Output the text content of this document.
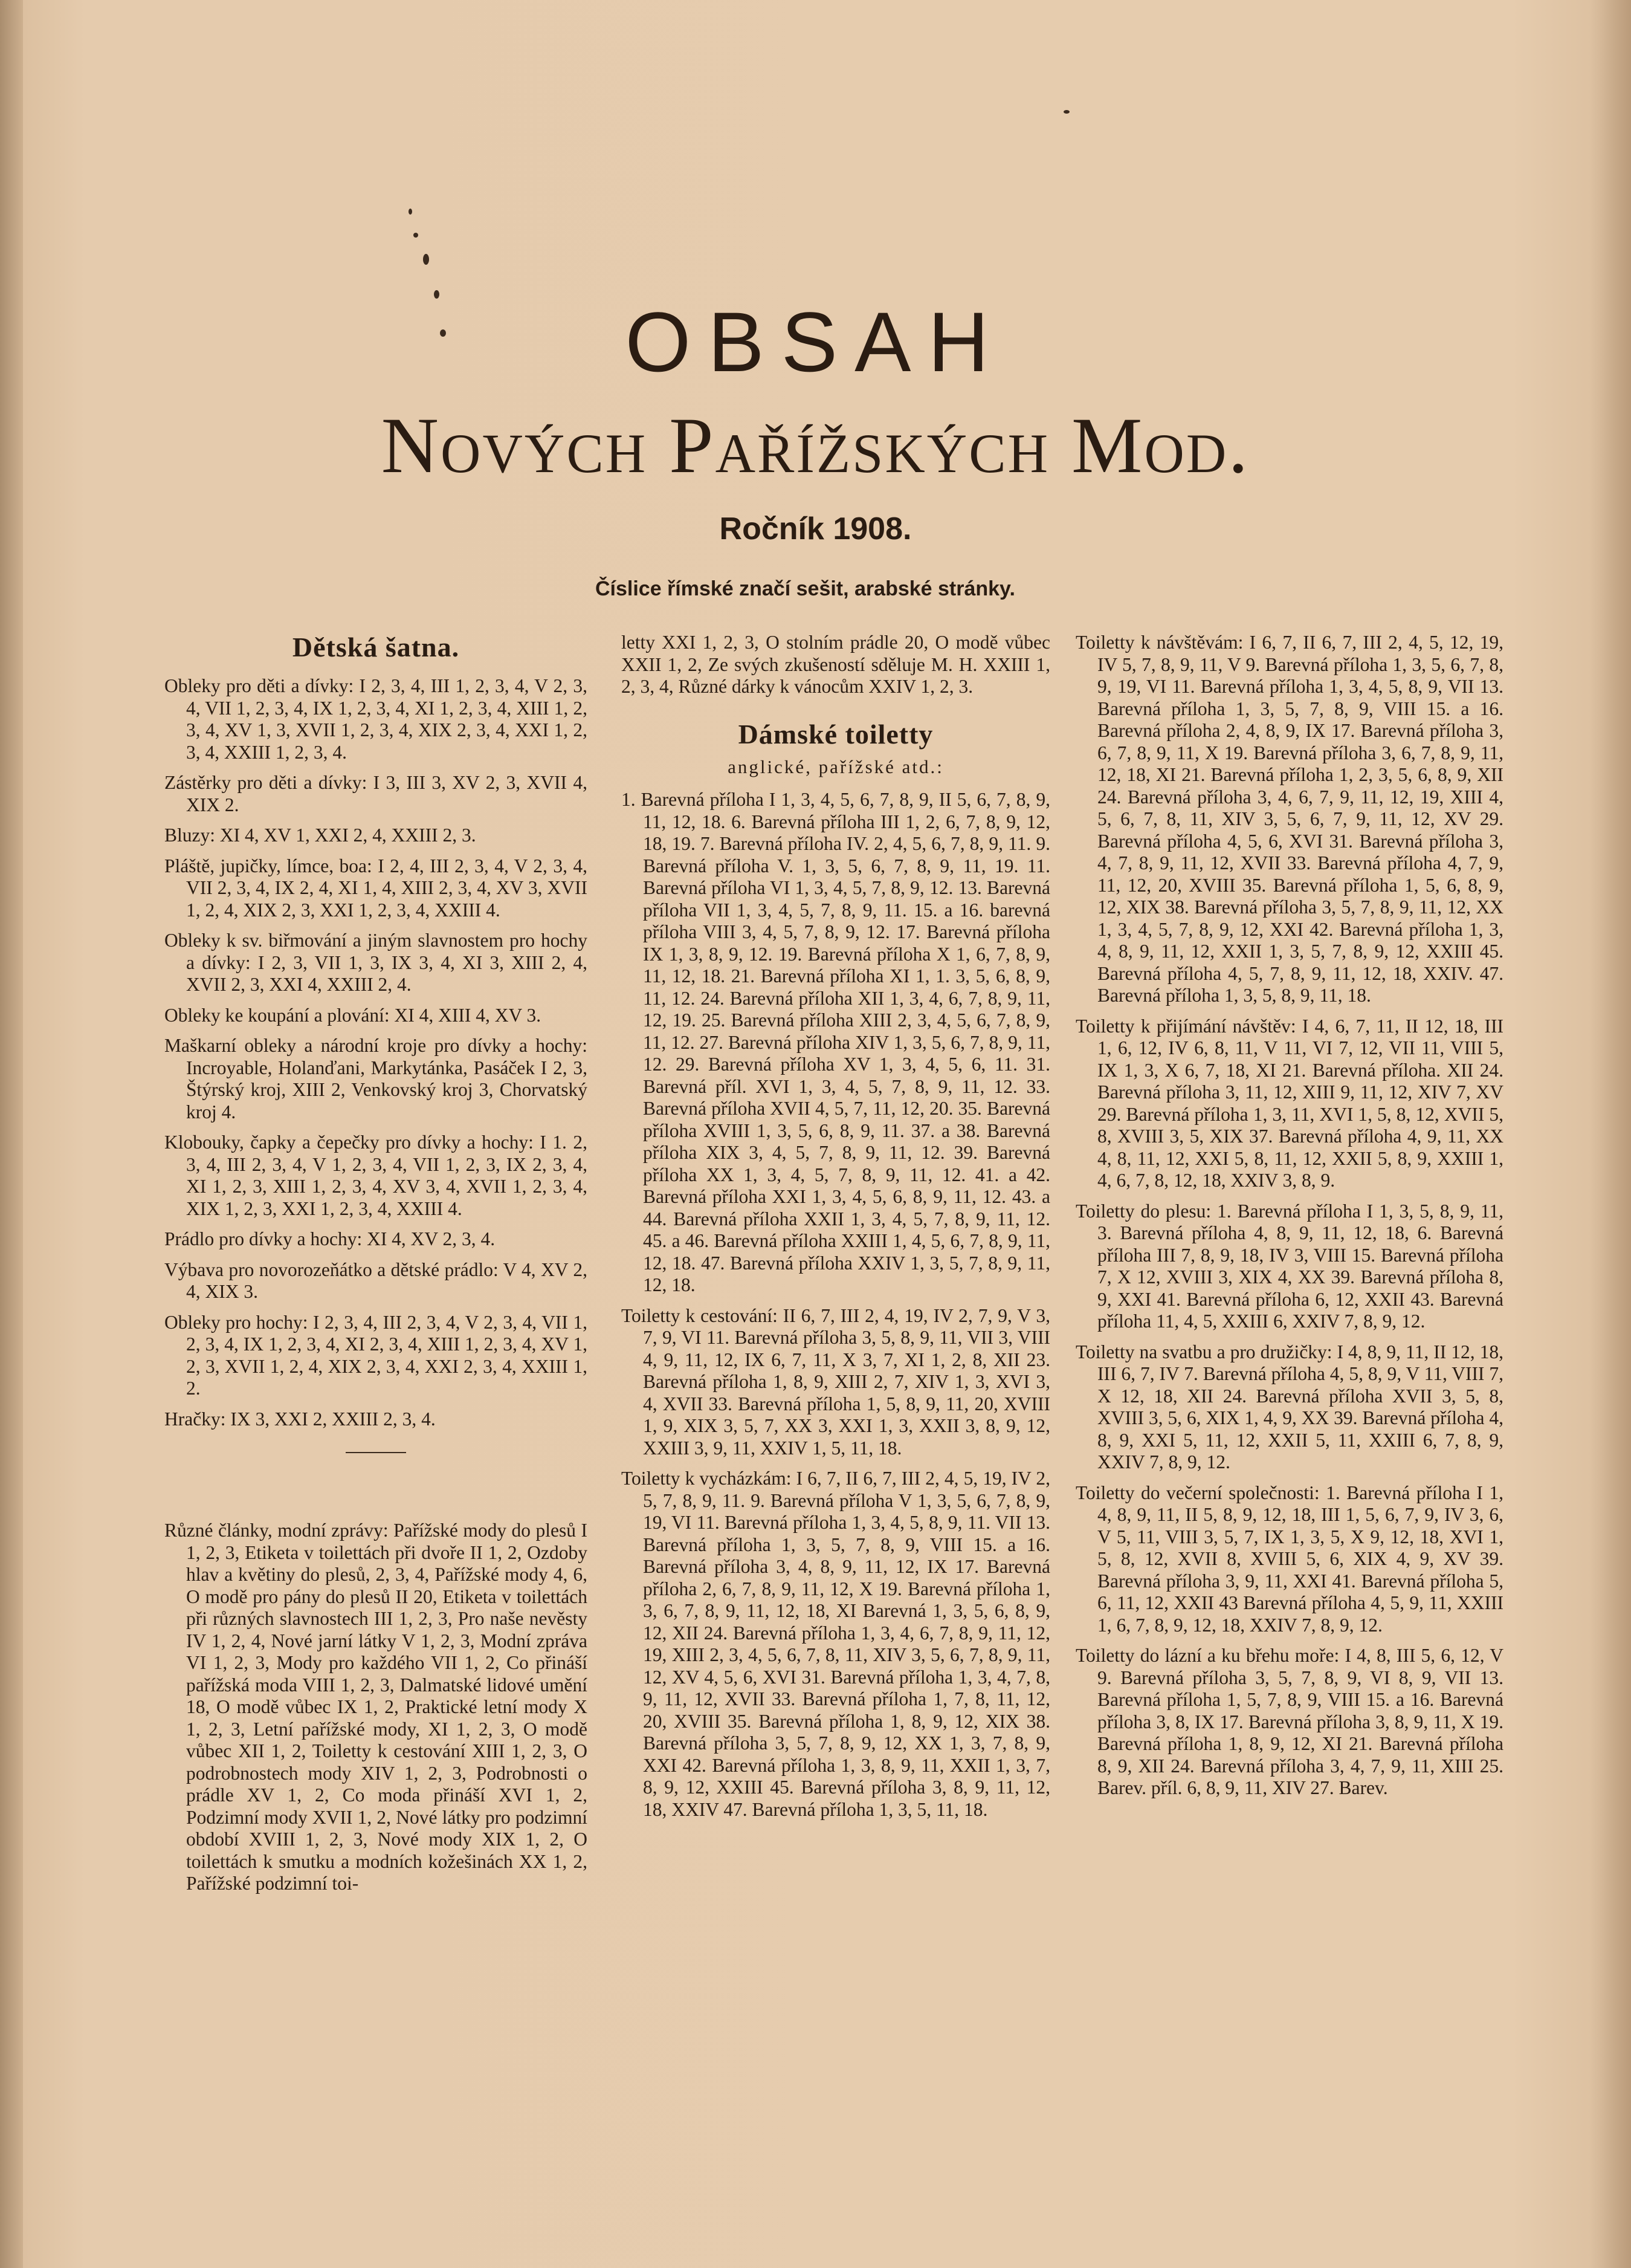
OBSAH
Nových Pařížských Mod.
Ročník 1908.
Číslice římské značí sešit, arabské stránky.
Dětská šatna.
Obleky pro děti a dívky: I 2, 3, 4, III 1, 2, 3, 4, V 2, 3, 4, VII 1, 2, 3, 4, IX 1, 2, 3, 4, XI 1, 2, 3, 4, XIII 1, 2, 3, 4, XV 1, 3, XVII 1, 2, 3, 4, XIX 2, 3, 4, XXI 1, 2, 3, 4, XXIII 1, 2, 3, 4.
Zástěrky pro děti a dívky: I 3, III 3, XV 2, 3, XVII 4, XIX 2.
Bluzy: XI 4, XV 1, XXI 2, 4, XXIII 2, 3.
Pláště, jupičky, límce, boa: I 2, 4, III 2, 3, 4, V 2, 3, 4, VII 2, 3, 4, IX 2, 4, XI 1, 4, XIII 2, 3, 4, XV 3, XVII 1, 2, 4, XIX 2, 3, XXI 1, 2, 3, 4, XXIII 4.
Obleky k sv. biřmování a jiným slavnostem pro hochy a dívky: I 2, 3, VII 1, 3, IX 3, 4, XI 3, XIII 2, 4, XVII 2, 3, XXI 4, XXIII 2, 4.
Obleky ke koupání a plování: XI 4, XIII 4, XV 3.
Maškarní obleky a národní kroje pro dívky a hochy: Incroyable, Holanďani, Markytánka, Pasáček I 2, 3, Štýrský kroj, XIII 2, Venkovský kroj 3, Chorvatský kroj 4.
Klobouky, čapky a čepečky pro dívky a hochy: I 1. 2, 3, 4, III 2, 3, 4, V 1, 2, 3, 4, VII 1, 2, 3, IX 2, 3, 4, XI 1, 2, 3, XIII 1, 2, 3, 4, XV 3, 4, XVII 1, 2, 3, 4, XIX 1, 2, 3, XXI 1, 2, 3, 4, XXIII 4.
Prádlo pro dívky a hochy: XI 4, XV 2, 3, 4.
Výbava pro novorozeňátko a dětské prádlo: V 4, XV 2, 4, XIX 3.
Obleky pro hochy: I 2, 3, 4, III 2, 3, 4, V 2, 3, 4, VII 1, 2, 3, 4, IX 1, 2, 3, 4, XI 2, 3, 4, XIII 1, 2, 3, 4, XV 1, 2, 3, XVII 1, 2, 4, XIX 2, 3, 4, XXI 2, 3, 4, XXIII 1, 2.
Hračky: IX 3, XXI 2, XXIII 2, 3, 4.
Různé články, modní zprávy: Pařížské mody do plesů I 1, 2, 3, Etiketa v toilettách při dvoře II 1, 2, Ozdoby hlav a květiny do plesů, 2, 3, 4, Pařížské mody 4, 6, O modě pro pány do plesů II 20, Etiketa v toilettách při různých slavnostech III 1, 2, 3, Pro naše nevěsty IV 1, 2, 4, Nové jarní látky V 1, 2, 3, Modní zpráva VI 1, 2, 3, Mody pro každého VII 1, 2, Co přináší pařížská moda VIII 1, 2, 3, Dalmatské lidové umění 18, O modě vůbec IX 1, 2, Praktické letní mody X 1, 2, 3, Letní pařížské mody, XI 1, 2, 3, O modě vůbec XII 1, 2, Toiletty k cestování XIII 1, 2, 3, O podrobnostech mody XIV 1, 2, 3, Podrobnosti o prádle XV 1, 2, Co moda přináší XVI 1, 2, Podzimní mody XVII 1, 2, Nové látky pro podzimní období XVIII 1, 2, 3, Nové mody XIX 1, 2, O toilettách k smutku a modních kožešinách XX 1, 2, Pařížské podzimní toi-
letty XXI 1, 2, 3, O stolním prádle 20, O modě vůbec XXII 1, 2, Ze svých zkušeností sděluje M. H. XXIII 1, 2, 3, 4, Různé dárky k vánocům XXIV 1, 2, 3.
Dámské toiletty
anglické, pařížské atd.:
1. Barevná příloha I 1, 3, 4, 5, 6, 7, 8, 9, II 5, 6, 7, 8, 9, 11, 12, 18. 6. Barevná příloha III 1, 2, 6, 7, 8, 9, 12, 18, 19. 7. Barevná příloha IV. 2, 4, 5, 6, 7, 8, 9, 11. 9. Barevná příloha V. 1, 3, 5, 6, 7, 8, 9, 11, 19. 11. Barevná příloha VI 1, 3, 4, 5, 7, 8, 9, 12. 13. Barevná příloha VII 1, 3, 4, 5, 7, 8, 9, 11. 15. a 16. barevná příloha VIII 3, 4, 5, 7, 8, 9, 12. 17. Barevná příloha IX 1, 3, 8, 9, 12. 19. Barevná příloha X 1, 6, 7, 8, 9, 11, 12, 18. 21. Barevná příloha XI 1, 1. 3, 5, 6, 8, 9, 11, 12. 24. Barevná příloha XII 1, 3, 4, 6, 7, 8, 9, 11, 12, 19. 25. Barevná příloha XIII 2, 3, 4, 5, 6, 7, 8, 9, 11, 12. 27. Barevná příloha XIV 1, 3, 5, 6, 7, 8, 9, 11, 12. 29. Barevná příloha XV 1, 3, 4, 5, 6, 11. 31. Barevná příl. XVI 1, 3, 4, 5, 7, 8, 9, 11, 12. 33. Barevná příloha XVII 4, 5, 7, 11, 12, 20. 35. Barevná příloha XVIII 1, 3, 5, 6, 8, 9, 11. 37. a 38. Barevná příloha XIX 3, 4, 5, 7, 8, 9, 11, 12. 39. Barevná příloha XX 1, 3, 4, 5, 7, 8, 9, 11, 12. 41. a 42. Barevná příloha XXI 1, 3, 4, 5, 6, 8, 9, 11, 12. 43. a 44. Barevná příloha XXII 1, 3, 4, 5, 7, 8, 9, 11, 12. 45. a 46. Barevná příloha XXIII 1, 4, 5, 6, 7, 8, 9, 11, 12, 18. 47. Barevná příloha XXIV 1, 3, 5, 7, 8, 9, 11, 12, 18.
Toiletty k cestování: II 6, 7, III 2, 4, 19, IV 2, 7, 9, V 3, 7, 9, VI 11. Barevná příloha 3, 5, 8, 9, 11, VII 3, VIII 4, 9, 11, 12, IX 6, 7, 11, X 3, 7, XI 1, 2, 8, XII 23. Barevná příloha 1, 8, 9, XIII 2, 7, XIV 1, 3, XVI 3, 4, XVII 33. Barevná příloha 1, 5, 8, 9, 11, 20, XVIII 1, 9, XIX 3, 5, 7, XX 3, XXI 1, 3, XXII 3, 8, 9, 12, XXIII 3, 9, 11, XXIV 1, 5, 11, 18.
Toiletty k vycházkám: I 6, 7, II 6, 7, III 2, 4, 5, 19, IV 2, 5, 7, 8, 9, 11. 9. Barevná příloha V 1, 3, 5, 6, 7, 8, 9, 19, VI 11. Barevná příloha 1, 3, 4, 5, 8, 9, 11. VII 13. Barevná příloha 1, 3, 5, 7, 8, 9, VIII 15. a 16. Barevná příloha 3, 4, 8, 9, 11, 12, IX 17. Barevná příloha 2, 6, 7, 8, 9, 11, 12, X 19. Barevná příloha 1, 3, 6, 7, 8, 9, 11, 12, 18, XI Barevná 1, 3, 5, 6, 8, 9, 12, XII 24. Barevná příloha 1, 3, 4, 6, 7, 8, 9, 11, 12, 19, XIII 2, 3, 4, 5, 6, 7, 8, 11, XIV 3, 5, 6, 7, 8, 9, 11, 12, XV 4, 5, 6, XVI 31. Barevná příloha 1, 3, 4, 7, 8, 9, 11, 12, XVII 33. Barevná příloha 1, 7, 8, 11, 12, 20, XVIII 35. Barevná příloha 1, 8, 9, 12, XIX 38. Barevná příloha 3, 5, 7, 8, 9, 12, XX 1, 3, 7, 8, 9, XXI 42. Barevná příloha 1, 3, 8, 9, 11, XXII 1, 3, 7, 8, 9, 12, XXIII 45. Barevná příloha 3, 8, 9, 11, 12, 18, XXIV 47. Barevná příloha 1, 3, 5, 11, 18.
Toiletty k návštěvám: I 6, 7, II 6, 7, III 2, 4, 5, 12, 19, IV 5, 7, 8, 9, 11, V 9. Barevná příloha 1, 3, 5, 6, 7, 8, 9, 19, VI 11. Barevná příloha 1, 3, 4, 5, 8, 9, VII 13. Barevná příloha 1, 3, 5, 7, 8, 9, VIII 15. a 16. Barevná příloha 2, 4, 8, 9, IX 17. Barevná příloha 3, 6, 7, 8, 9, 11, X 19. Barevná příloha 3, 6, 7, 8, 9, 11, 12, 18, XI 21. Barevná příloha 1, 2, 3, 5, 6, 8, 9, XII 24. Barevná příloha 3, 4, 6, 7, 9, 11, 12, 19, XIII 4, 5, 6, 7, 8, 11, XIV 3, 5, 6, 7, 9, 11, 12, XV 29. Barevná příloha 4, 5, 6, XVI 31. Barevná příloha 3, 4, 7, 8, 9, 11, 12, XVII 33. Barevná příloha 4, 7, 9, 11, 12, 20, XVIII 35. Barevná příloha 1, 5, 6, 8, 9, 12, XIX 38. Barevná příloha 3, 5, 7, 8, 9, 11, 12, XX 1, 3, 4, 5, 7, 8, 9, 12, XXI 42. Barevná příloha 1, 3, 4, 8, 9, 11, 12, XXII 1, 3, 5, 7, 8, 9, 12, XXIII 45. Barevná příloha 4, 5, 7, 8, 9, 11, 12, 18, XXIV. 47. Barevná příloha 1, 3, 5, 8, 9, 11, 18.
Toiletty k přijímání návštěv: I 4, 6, 7, 11, II 12, 18, III 1, 6, 12, IV 6, 8, 11, V 11, VI 7, 12, VII 11, VIII 5, IX 1, 3, X 6, 7, 18, XI 21. Barevná příloha. XII 24. Barevná příloha 3, 11, 12, XIII 9, 11, 12, XIV 7, XV 29. Barevná příloha 1, 3, 11, XVI 1, 5, 8, 12, XVII 5, 8, XVIII 3, 5, XIX 37. Barevná příloha 4, 9, 11, XX 4, 8, 11, 12, XXI 5, 8, 11, 12, XXII 5, 8, 9, XXIII 1, 4, 6, 7, 8, 12, 18, XXIV 3, 8, 9.
Toiletty do plesu: 1. Barevná příloha I 1, 3, 5, 8, 9, 11, 3. Barevná příloha 4, 8, 9, 11, 12, 18, 6. Barevná příloha III 7, 8, 9, 18, IV 3, VIII 15. Barevná příloha 7, X 12, XVIII 3, XIX 4, XX 39. Barevná příloha 8, 9, XXI 41. Barevná příloha 6, 12, XXII 43. Barevná příloha 11, 4, 5, XXIII 6, XXIV 7, 8, 9, 12.
Toiletty na svatbu a pro družičky: I 4, 8, 9, 11, II 12, 18, III 6, 7, IV 7. Barevná příloha 4, 5, 8, 9, V 11, VIII 7, X 12, 18, XII 24. Barevná příloha XVII 3, 5, 8, XVIII 3, 5, 6, XIX 1, 4, 9, XX 39. Barevná příloha 4, 8, 9, XXI 5, 11, 12, XXII 5, 11, XXIII 6, 7, 8, 9, XXIV 7, 8, 9, 12.
Toiletty do večerní společnosti: 1. Barevná příloha I 1, 4, 8, 9, 11, II 5, 8, 9, 12, 18, III 1, 5, 6, 7, 9, IV 3, 6, V 5, 11, VIII 3, 5, 7, IX 1, 3, 5, X 9, 12, 18, XVI 1, 5, 8, 12, XVII 8, XVIII 5, 6, XIX 4, 9, XV 39. Barevná příloha 3, 9, 11, XXI 41. Barevná příloha 5, 6, 11, 12, XXII 43 Barevná příloha 4, 5, 9, 11, XXIII 1, 6, 7, 8, 9, 12, 18, XXIV 7, 8, 9, 12.
Toiletty do lázní a ku břehu moře: I 4, 8, III 5, 6, 12, V 9. Barevná příloha 3, 5, 7, 8, 9, VI 8, 9, VII 13. Barevná příloha 1, 5, 7, 8, 9, VIII 15. a 16. Barevná příloha 3, 8, IX 17. Barevná příloha 3, 8, 9, 11, X 19. Barevná příloha 1, 8, 9, 12, XI 21. Barevná příloha 8, 9, XII 24. Barevná příloha 3, 4, 7, 9, 11, XIII 25. Barev. příl. 6, 8, 9, 11, XIV 27. Barev.
